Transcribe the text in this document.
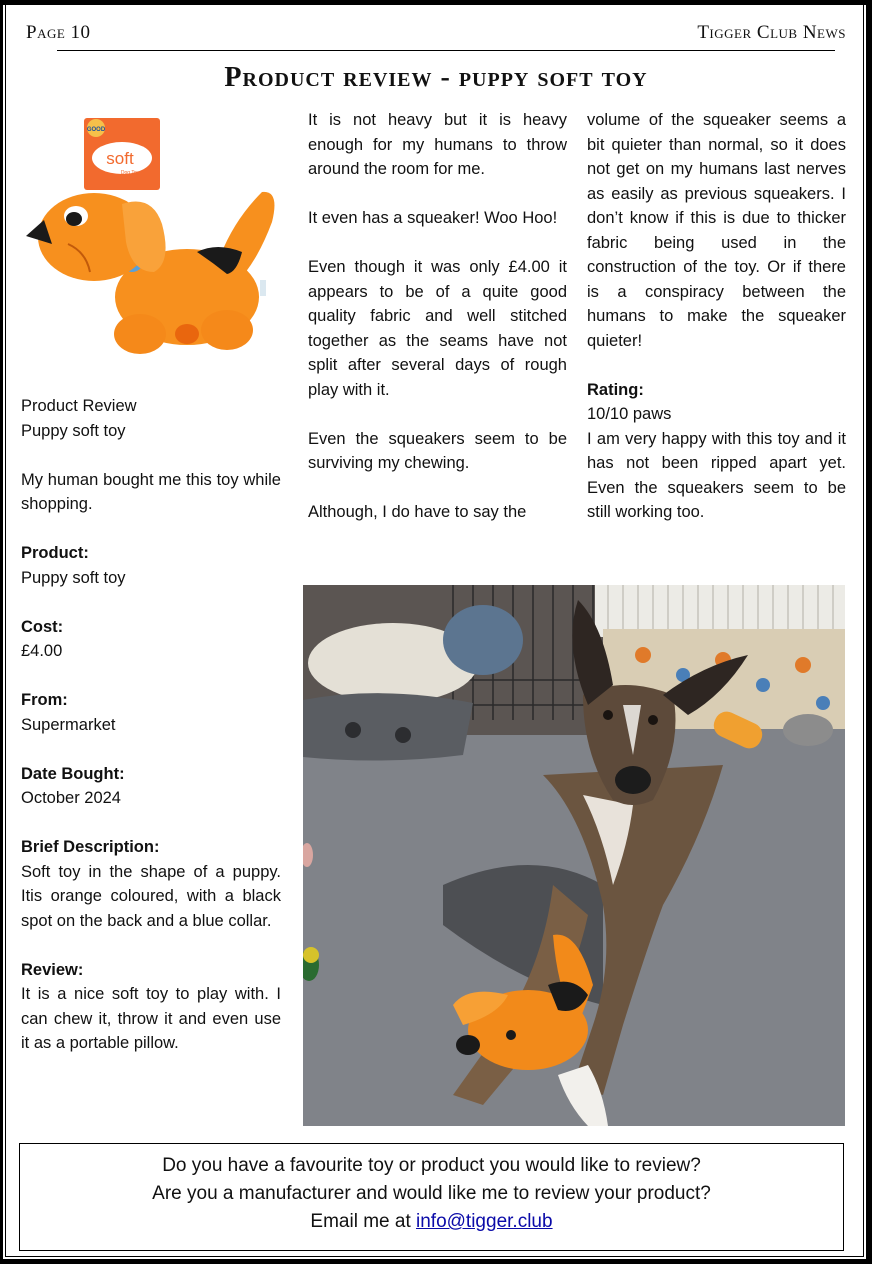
Page 10	Tigger Club News
Product review - puppy soft toy
GOOD
soft
Dog Toy

Product Review

Puppy soft toy

My human bought me this toy while shopping.

Product:

Puppy soft toy

Cost:

£4.00

From:

Supermarket

Date Bought:

October 2024

Brief Description:

Soft toy in the shape of a puppy. Itis orange coloured, with a black spot on the back and a blue collar.

Review:

It is a nice soft toy to play with. I can chew it, throw it and even use it as a portable pillow.

It is not heavy but it is heavy enough for my humans to throw around the room for me.

It even has a squeaker! Woo Hoo!

Even though it was only £4.00 it appears to be of a quite good quality fabric and well stitched together as the seams have not split after several days of rough play with it.

Even the squeakers seem to be surviving my chewing.

Although, I do have to say the

volume of the squeaker seems a bit quieter than normal, so it does not get on my humans last nerves as easily as previous squeakers. I don’t know if this is due to thicker fabric being used in the construction of the toy. Or if there is a conspiracy between the humans to make the squeaker quieter!

Rating:

10/10 paws

I am very happy with this toy and it has not been ripped apart yet. Even the squeakers seem to be still working too.

Do you have a favourite toy or product you would like to review?

Are you a manufacturer and would like me to review your product?

Email me at info@tigger.club
